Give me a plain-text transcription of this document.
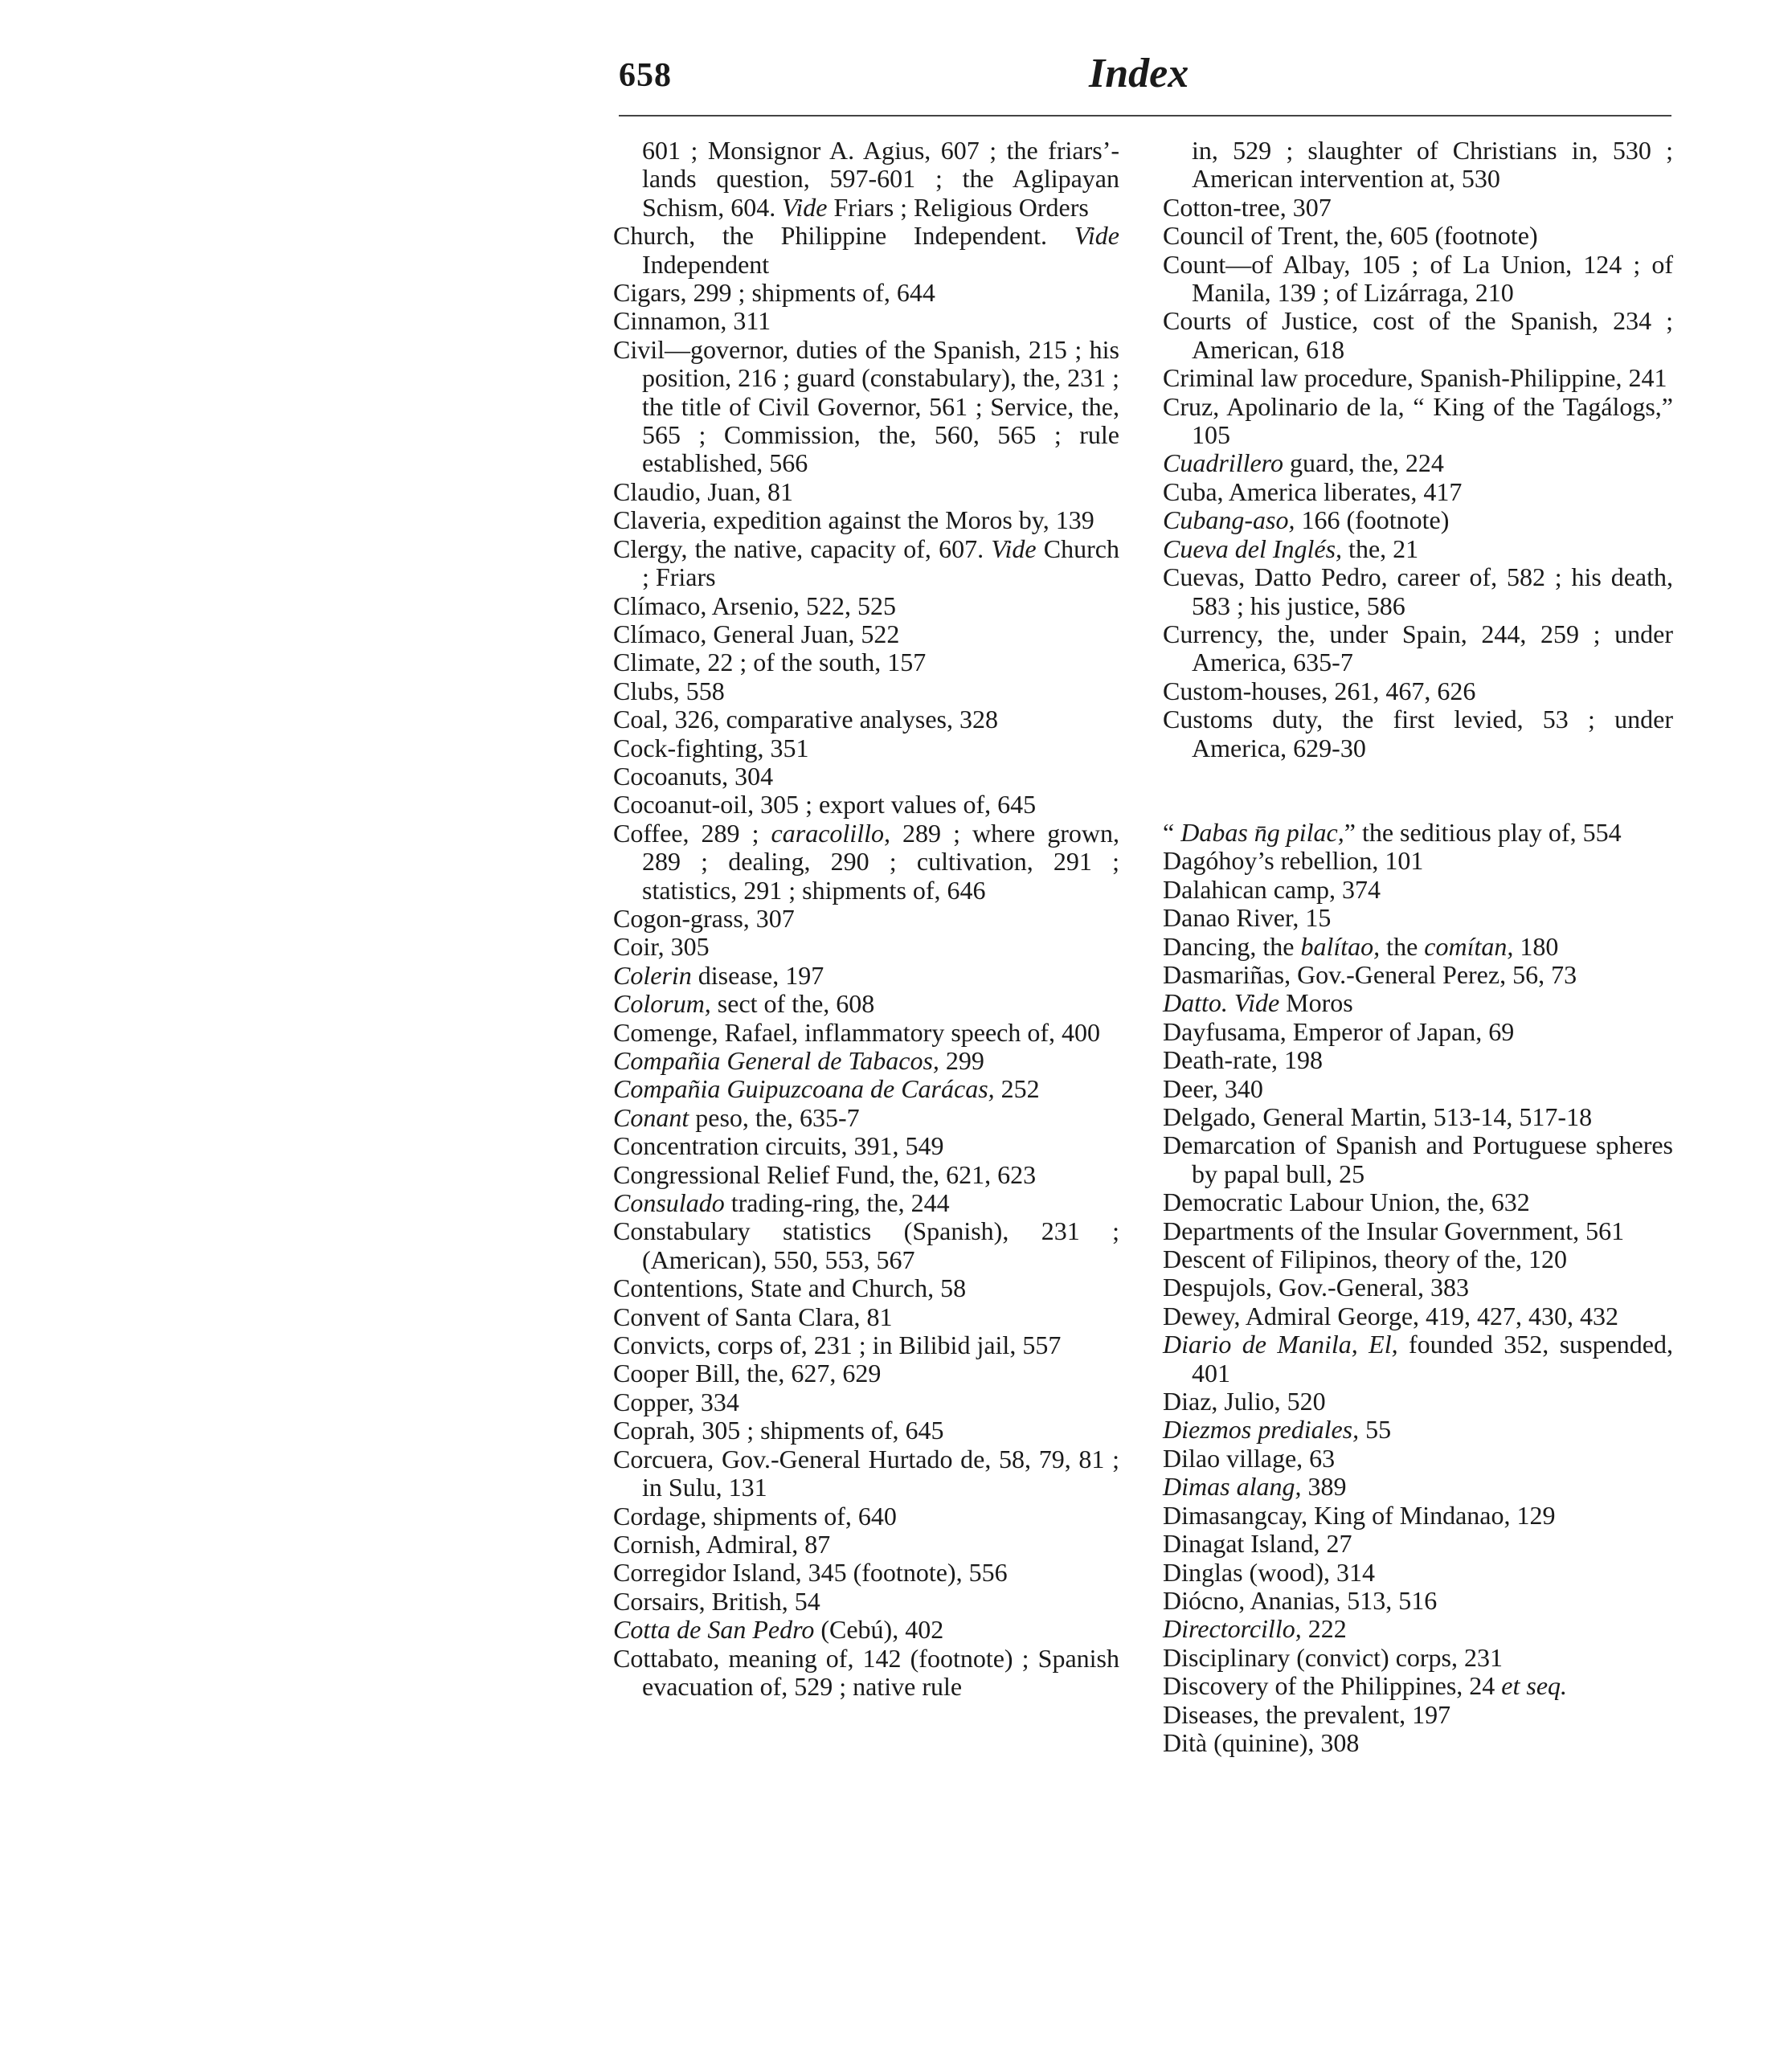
658	Index

601 ; Monsignor A. Agius, 607 ; the friars’-lands question, 597-601 ; the Aglipayan Schism, 604. Vide Friars ; Religious Orders

Church, the Philippine Independent. Vide Independent

Cigars, 299 ; shipments of, 644

Cinnamon, 311

Civil—governor, duties of the Spanish, 215 ; his position, 216 ; guard (constabulary), the, 231 ; the title of Civil Governor, 561 ; Service, the, 565 ; Commission, the, 560, 565 ; rule established, 566

Claudio, Juan, 81

Claveria, expedition against the Moros by, 139

Clergy, the native, capacity of, 607. Vide Church ; Friars

Clímaco, Arsenio, 522, 525

Clímaco, General Juan, 522

Climate, 22 ; of the south, 157

Clubs, 558

Coal, 326, comparative analyses, 328

Cock-fighting, 351

Cocoanuts, 304

Cocoanut-oil, 305 ; export values of, 645

Coffee, 289 ; caracolillo, 289 ; where grown, 289 ; dealing, 290 ; cultivation, 291 ; statistics, 291 ; shipments of, 646

Cogon-grass, 307

Coir, 305

Colerin disease, 197

Colorum, sect of the, 608

Comenge, Rafael, inflammatory speech of, 400

Compañia General de Tabacos, 299

Compañia Guipuzcoana de Carácas, 252

Conant peso, the, 635-7

Concentration circuits, 391, 549

Congressional Relief Fund, the, 621, 623

Consulado trading-ring, the, 244

Constabulary statistics (Spanish), 231 ; (American), 550, 553, 567

Contentions, State and Church, 58

Convent of Santa Clara, 81

Convicts, corps of, 231 ; in Bilibid jail, 557

Cooper Bill, the, 627, 629

Copper, 334

Coprah, 305 ; shipments of, 645

Corcuera, Gov.-General Hurtado de, 58, 79, 81 ; in Sulu, 131

Cordage, shipments of, 640

Cornish, Admiral, 87

Corregidor Island, 345 (footnote), 556

Corsairs, British, 54

Cotta de San Pedro (Cebú), 402

Cottabato, meaning of, 142 (footnote) ; Spanish evacuation of, 529 ; native rule

in, 529 ; slaughter of Christians in, 530 ; American intervention at, 530

Cotton-tree, 307

Council of Trent, the, 605 (footnote)

Count—of Albay, 105 ; of La Union, 124 ; of Manila, 139 ; of Lizárraga, 210

Courts of Justice, cost of the Spanish, 234 ; American, 618

Criminal law procedure, Spanish-Philippine, 241

Cruz, Apolinario de la, “ King of the Tagálogs,” 105

Cuadrillero guard, the, 224

Cuba, America liberates, 417

Cubang-aso, 166 (footnote)

Cueva del Inglés, the, 21

Cuevas, Datto Pedro, career of, 582 ; his death, 583 ; his justice, 586

Currency, the, under Spain, 244, 259 ; under America, 635-7

Custom-houses, 261, 467, 626

Customs duty, the first levied, 53 ; under America, 629-30

“ Dabas n̄g pilac,” the seditious play of, 554

Dagóhoy’s rebellion, 101

Dalahican camp, 374

Danao River, 15

Dancing, the balítao, the comítan, 180

Dasmariñas, Gov.-General Perez, 56, 73

Datto. Vide Moros

Dayfusama, Emperor of Japan, 69

Death-rate, 198

Deer, 340

Delgado, General Martin, 513-14, 517-18

Demarcation of Spanish and Portuguese spheres by papal bull, 25

Democratic Labour Union, the, 632

Departments of the Insular Government, 561

Descent of Filipinos, theory of the, 120

Despujols, Gov.-General, 383

Dewey, Admiral George, 419, 427, 430, 432

Diario de Manila, El, founded 352, suspended, 401

Diaz, Julio, 520

Diezmos prediales, 55

Dilao village, 63

Dimas alang, 389

Dimasangcay, King of Mindanao, 129

Dinagat Island, 27

Dinglas (wood), 314

Diócno, Ananias, 513, 516

Directorcillo, 222

Disciplinary (convict) corps, 231

Discovery of the Philippines, 24 et seq.

Diseases, the prevalent, 197

Dità (quinine), 308
